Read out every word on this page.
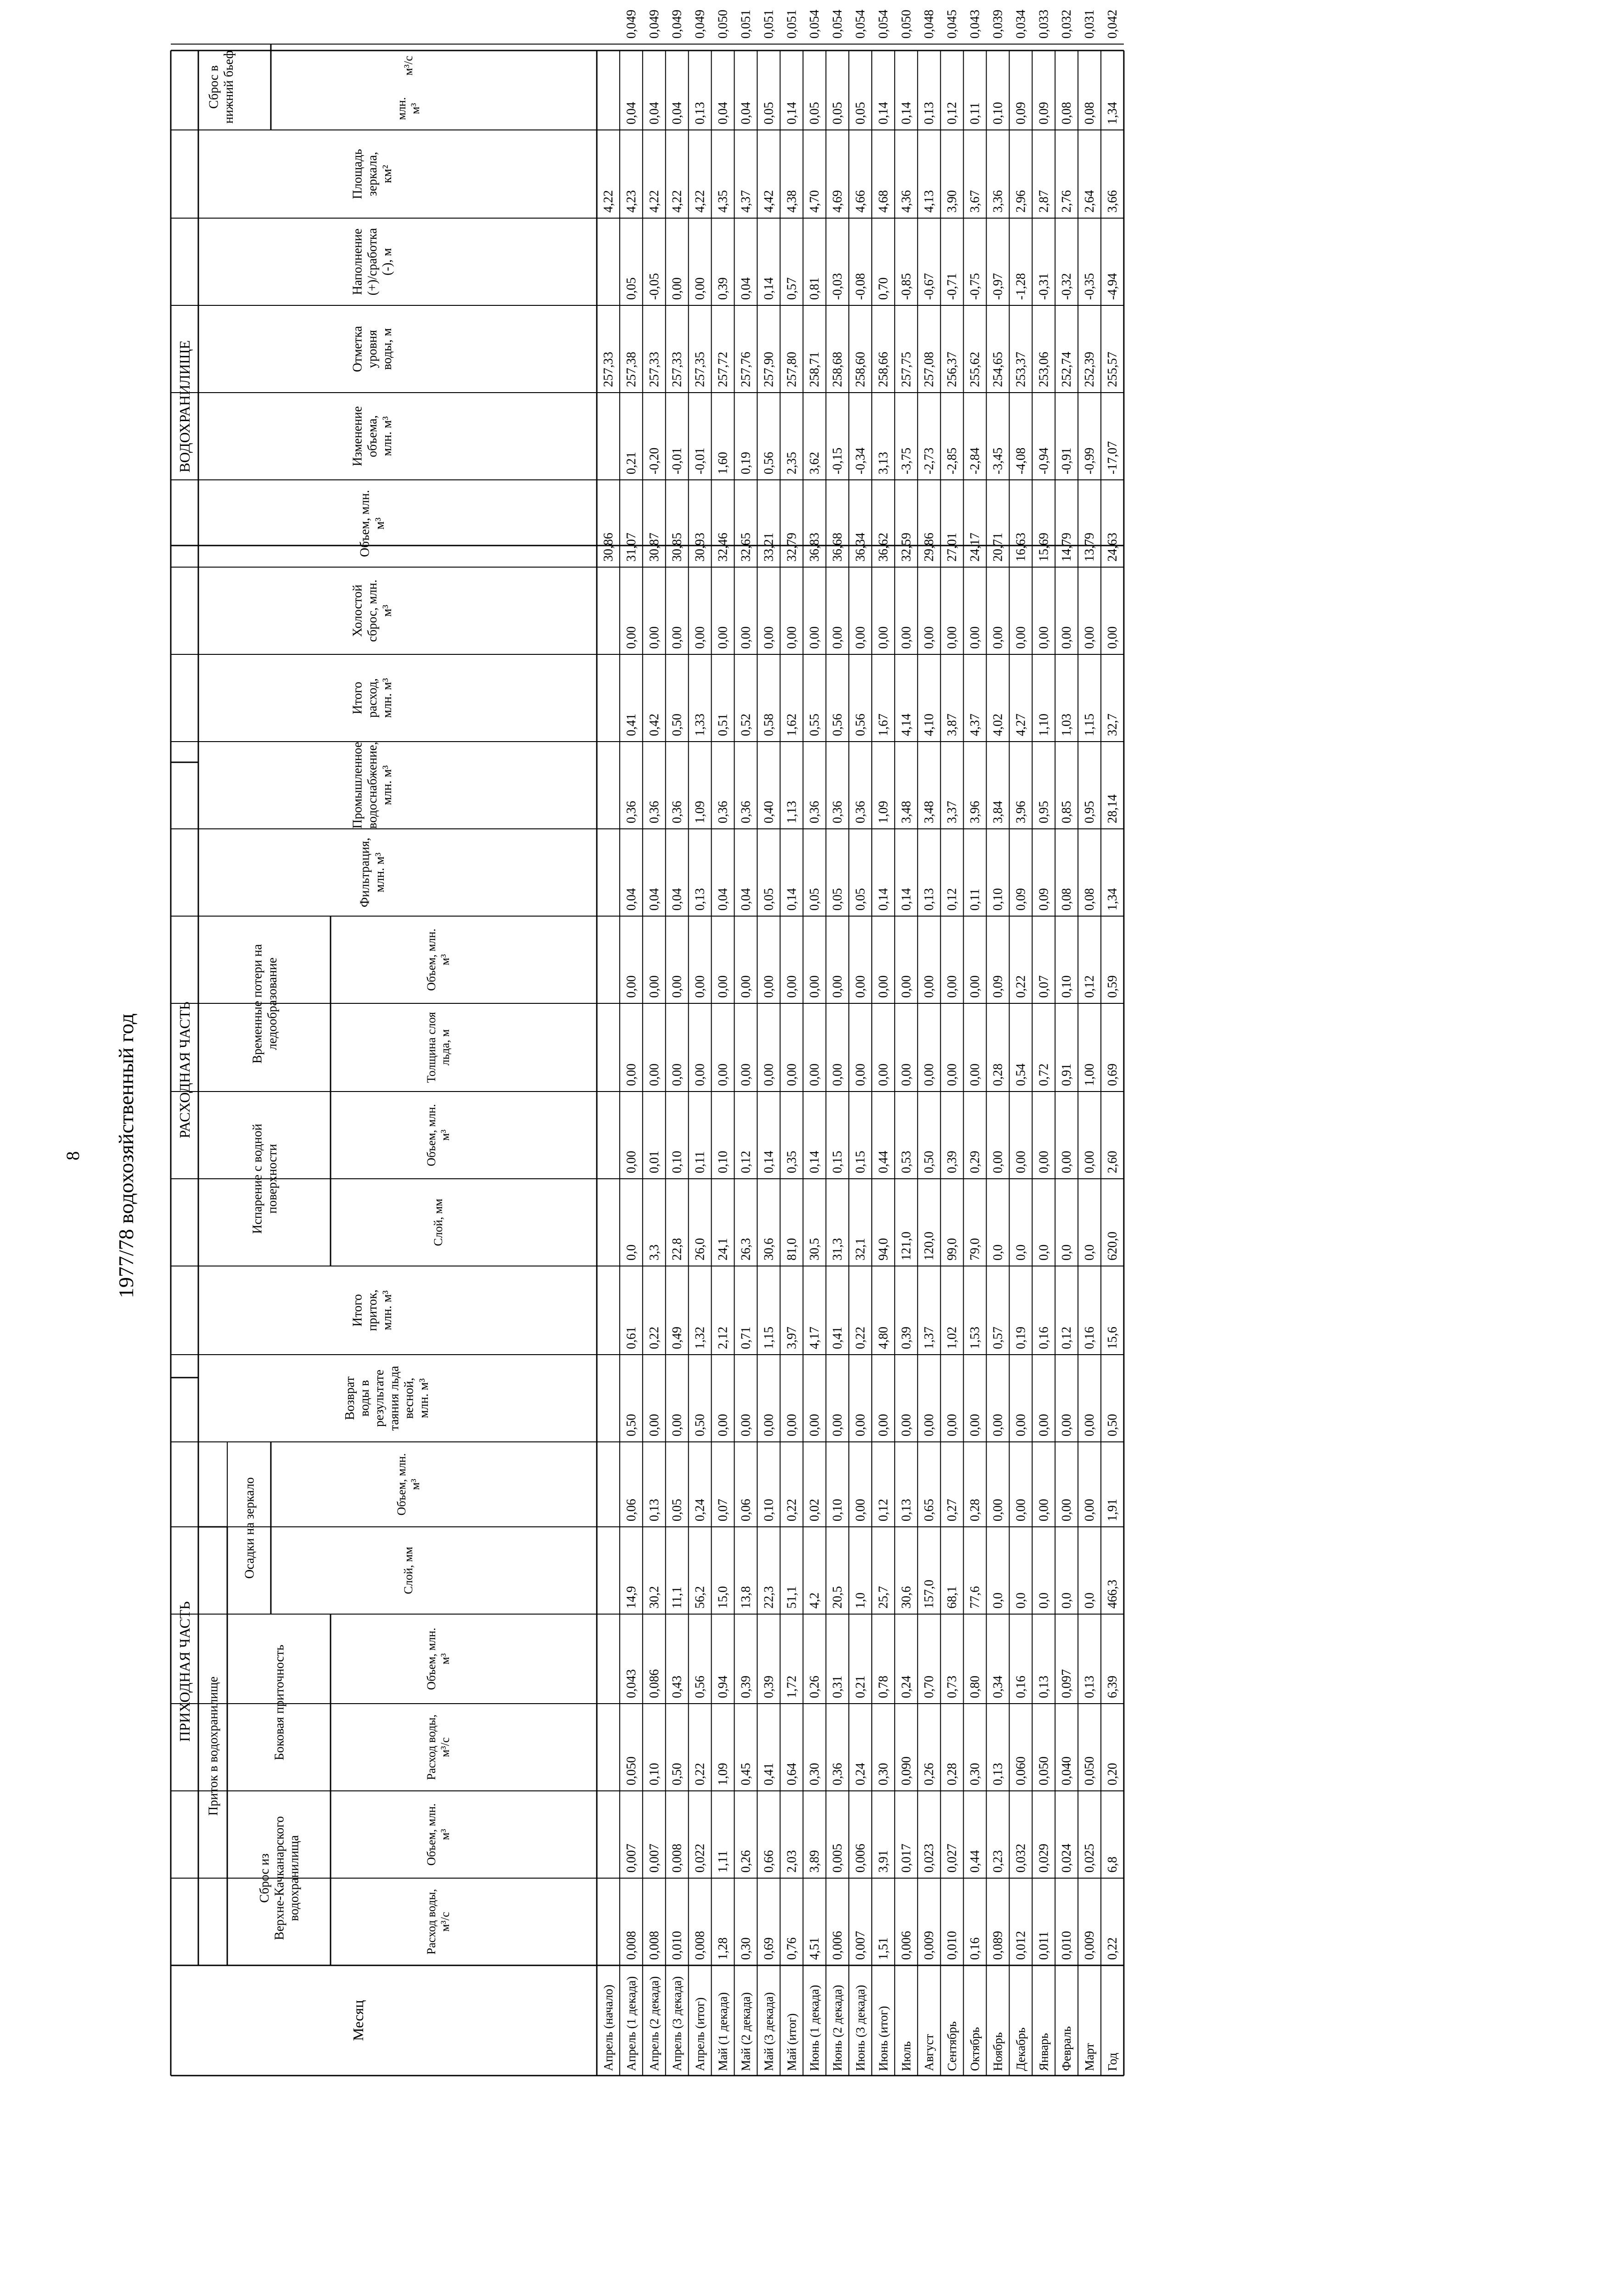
8 1977/78 водохозяйственный год
ПРИХОДНАЯ ЧАСТЬ
РАСХОДНАЯ ЧАСТЬ
ВОДОХРАНИЛИЩЕ
Месяц
Приток в водохранилище
Сброс изВерхне-Качканарскоговодохранилища
Боковая приточность
Осадки на зеркало
Возвратводы врезультатетаяния льдавесной,млн. м³
Итогоприток,млн. м³
Испарение с воднойповерхности
Временные потери наледообразование
Фильтрация,млн. м³
Промышленноеводоснабжение,млн. м³
Итогорасход,млн. м³
Холостойсброс, млн.м³
Объем, млн.м³
Изменениеобъема,млн. м³
Отметкауровняводы, м
Наполнение(+)/сработка(-), м
Площадьзеркала,км²
Сброс внижний бьеф
Расход воды,м³/с
Объем, млн.м³
Расход воды,м³/с
Объем, млн.м³
Слой, мм
Объем, млн.м³
Слой, мм
Объем, млн.м³
Толщина слояльда, м
Объем, млн.м³
млн.м³
м³/с
Апрель (начало)
30,86
257,33
4,22
Апрель (1 декада)
0,008
0,007
0,050
0,043
14,9
0,06
0,50
0,61
0,0
0,00
0,00
0,00
0,04
0,36
0,41
0,00
31,07
0,21
257,38
0,05
4,23
0,04
0,049
Апрель (2 декада)
0,008
0,007
0,10
0,086
30,2
0,13
0,00
0,22
3,3
0,01
0,00
0,00
0,04
0,36
0,42
0,00
30,87
-0,20
257,33
-0,05
4,22
0,04
0,049
Апрель (3 декада)
0,010
0,008
0,50
0,43
11,1
0,05
0,00
0,49
22,8
0,10
0,00
0,00
0,04
0,36
0,50
0,00
30,85
-0,01
257,33
0,00
4,22
0,04
0,049
Апрель (итог)
0,008
0,022
0,22
0,56
56,2
0,24
0,50
1,32
26,0
0,11
0,00
0,00
0,13
1,09
1,33
0,00
30,93
-0,01
257,35
0,00
4,22
0,13
0,049
Май (1 декада)
1,28
1,11
1,09
0,94
15,0
0,07
0,00
2,12
24,1
0,10
0,00
0,00
0,04
0,36
0,51
0,00
32,46
1,60
257,72
0,39
4,35
0,04
0,050
Май (2 декада)
0,30
0,26
0,45
0,39
13,8
0,06
0,00
0,71
26,3
0,12
0,00
0,00
0,04
0,36
0,52
0,00
32,65
0,19
257,76
0,04
4,37
0,04
0,051
Май (3 декада)
0,69
0,66
0,41
0,39
22,3
0,10
0,00
1,15
30,6
0,14
0,00
0,00
0,05
0,40
0,58
0,00
33,21
0,56
257,90
0,14
4,42
0,05
0,051
Май (итог)
0,76
2,03
0,64
1,72
51,1
0,22
0,00
3,97
81,0
0,35
0,00
0,00
0,14
1,13
1,62
0,00
32,79
2,35
257,80
0,57
4,38
0,14
0,051
Июнь (1 декада)
4,51
3,89
0,30
0,26
4,2
0,02
0,00
4,17
30,5
0,14
0,00
0,00
0,05
0,36
0,55
0,00
36,83
3,62
258,71
0,81
4,70
0,05
0,054
Июнь (2 декада)
0,006
0,005
0,36
0,31
20,5
0,10
0,00
0,41
31,3
0,15
0,00
0,00
0,05
0,36
0,56
0,00
36,68
-0,15
258,68
-0,03
4,69
0,05
0,054
Июнь (3 декада)
0,007
0,006
0,24
0,21
1,0
0,00
0,00
0,22
32,1
0,15
0,00
0,00
0,05
0,36
0,56
0,00
36,34
-0,34
258,60
-0,08
4,66
0,05
0,054
Июнь (итог)
1,51
3,91
0,30
0,78
25,7
0,12
0,00
4,80
94,0
0,44
0,00
0,00
0,14
1,09
1,67
0,00
36,62
3,13
258,66
0,70
4,68
0,14
0,054
Июль
0,006
0,017
0,090
0,24
30,6
0,13
0,00
0,39
121,0
0,53
0,00
0,00
0,14
3,48
4,14
0,00
32,59
-3,75
257,75
-0,85
4,36
0,14
0,050
Август
0,009
0,023
0,26
0,70
157,0
0,65
0,00
1,37
120,0
0,50
0,00
0,00
0,13
3,48
4,10
0,00
29,86
-2,73
257,08
-0,67
4,13
0,13
0,048
Сентябрь
0,010
0,027
0,28
0,73
68,1
0,27
0,00
1,02
99,0
0,39
0,00
0,00
0,12
3,37
3,87
0,00
27,01
-2,85
256,37
-0,71
3,90
0,12
0,045
Октябрь
0,16
0,44
0,30
0,80
77,6
0,28
0,00
1,53
79,0
0,29
0,00
0,00
0,11
3,96
4,37
0,00
24,17
-2,84
255,62
-0,75
3,67
0,11
0,043
Ноябрь
0,089
0,23
0,13
0,34
0,0
0,00
0,00
0,57
0,0
0,00
0,28
0,09
0,10
3,84
4,02
0,00
20,71
-3,45
254,65
-0,97
3,36
0,10
0,039
Декабрь
0,012
0,032
0,060
0,16
0,0
0,00
0,00
0,19
0,0
0,00
0,54
0,22
0,09
3,96
4,27
0,00
16,63
-4,08
253,37
-1,28
2,96
0,09
0,034
Январь
0,011
0,029
0,050
0,13
0,0
0,00
0,00
0,16
0,0
0,00
0,72
0,07
0,09
0,95
1,10
0,00
15,69
-0,94
253,06
-0,31
2,87
0,09
0,033
Февраль
0,010
0,024
0,040
0,097
0,0
0,00
0,00
0,12
0,0
0,00
0,91
0,10
0,08
0,85
1,03
0,00
14,79
-0,91
252,74
-0,32
2,76
0,08
0,032
Март
0,009
0,025
0,050
0,13
0,0
0,00
0,00
0,16
0,0
0,00
1,00
0,12
0,08
0,95
1,15
0,00
13,79
-0,99
252,39
-0,35
2,64
0,08
0,031
Год
0,22
6,8
0,20
6,39
466,3
1,91
0,50
15,6
620,0
2,60
0,69
0,59
1,34
28,14
32,7
0,00
24,63
-17,07
255,57
-4,94
3,66
1,34
0,042
